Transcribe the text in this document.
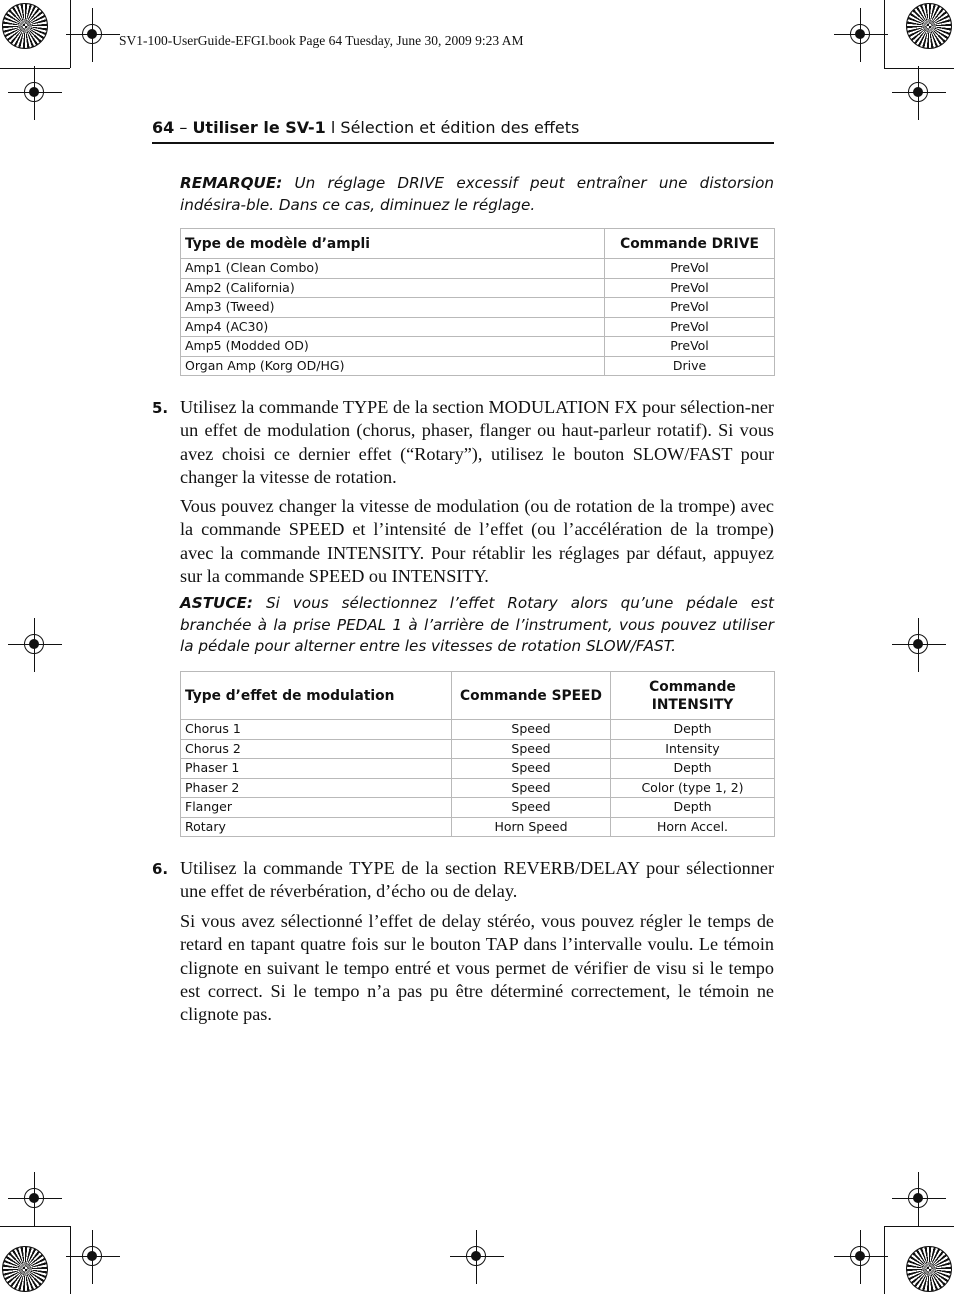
SV1-100-UserGuide-EFGI.book Page 64 Tuesday, June 30, 2009 9:23 AM
64 – Utiliser le SV-1 l Sélection et édition des effets
REMARQUE: Un réglage DRIVE excessif peut entraîner une distorsion indésira-ble. Dans ce cas, diminuez le réglage.
Type de modèle d’ampli	Commande DRIVE
Amp1 (Clean Combo)	PreVol
Amp2 (California)	PreVol
Amp3 (Tweed)	PreVol
Amp4 (AC30)	PreVol
Amp5 (Modded OD)	PreVol
Organ Amp (Korg OD/HG)	Drive
5. Utilisez la commande TYPE de la section MODULATION FX pour sélection-ner un effet de modulation (chorus, phaser, flanger ou haut-parleur rotatif). Si vous avez choisi ce dernier effet (“Rotary”), utilisez le bouton SLOW/FAST pour changer la vitesse de rotation.
Vous pouvez changer la vitesse de modulation (ou de rotation de la trompe) avec la commande SPEED et l’intensité de l’effet (ou l’accélération de la trompe) avec la commande INTENSITY. Pour rétablir les réglages par défaut, appuyez sur la commande SPEED ou INTENSITY.
ASTUCE: Si vous sélectionnez l’effet Rotary alors qu’une pédale est branchée à la prise PEDAL 1 à l’arrière de l’instrument, vous pouvez utiliser la pédale pour alterner entre les vitesses de rotation SLOW/FAST.
Type d’effet de modulation	Commande SPEED	Commande INTENSITY
Chorus 1	Speed	Depth
Chorus 2	Speed	Intensity
Phaser 1	Speed	Depth
Phaser 2	Speed	Color (type 1, 2)
Flanger	Speed	Depth
Rotary	Horn Speed	Horn Accel.
6. Utilisez la commande TYPE de la section REVERB/DELAY pour sélectionner une effet de réverbération, d’écho ou de delay.
Si vous avez sélectionné l’effet de delay stéréo, vous pouvez régler le temps de retard en tapant quatre fois sur le bouton TAP dans l’intervalle voulu. Le témoin clignote en suivant le tempo entré et vous permet de vérifier de visu si le tempo est correct. Si le tempo n’a pas pu être déterminé correctement, le témoin ne clignote pas.
